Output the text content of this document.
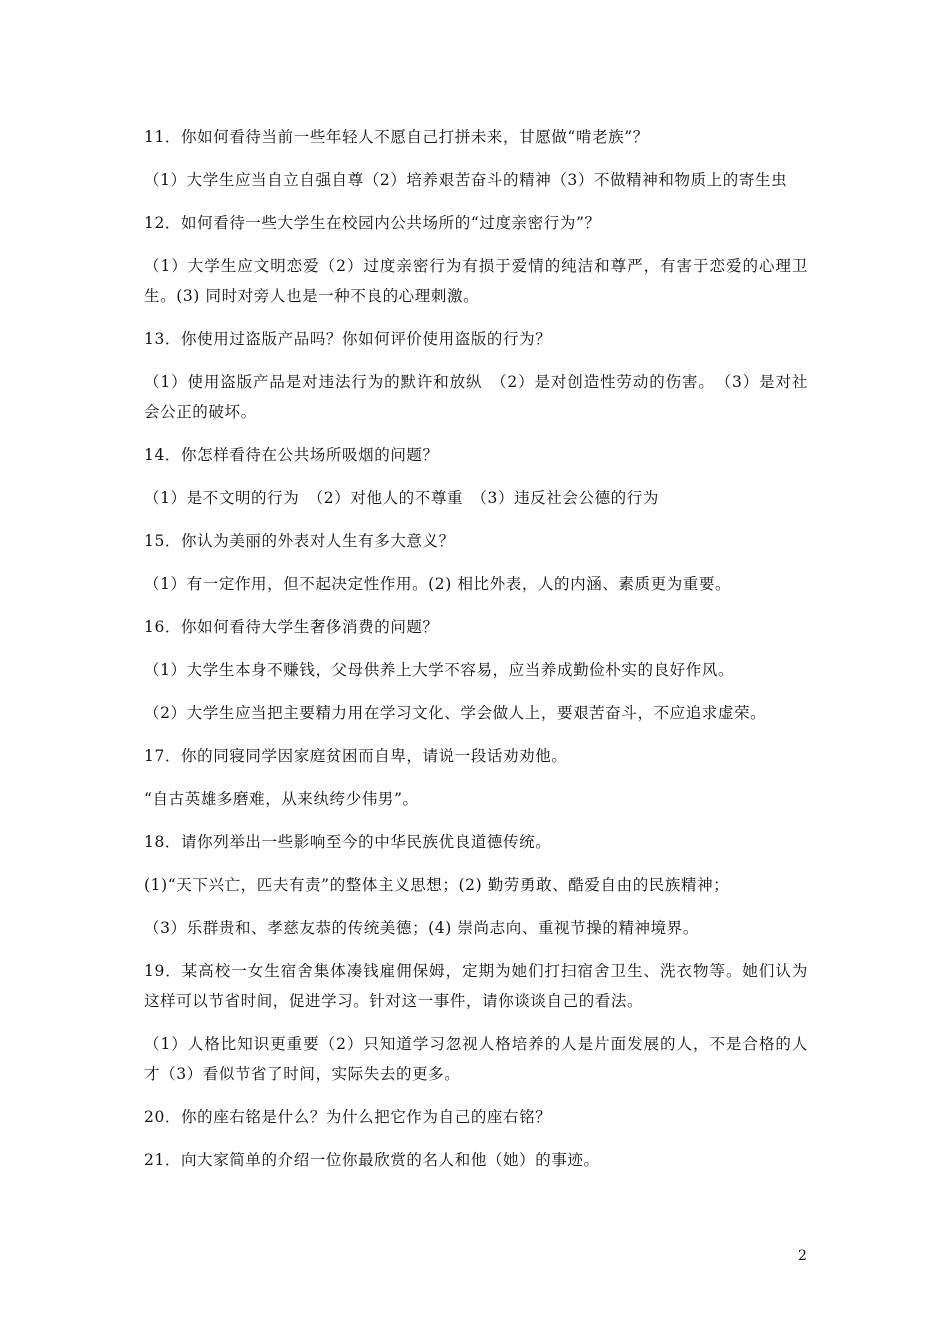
11．你如何看待当前一些年轻人不愿自己打拼未来，甘愿做“啃老族”？

（1）大学生应当自立自强自尊（2）培养艰苦奋斗的精神（3）不做精神和物质上的寄生虫

12．如何看待一些大学生在校园内公共场所的“过度亲密行为”？

（1）大学生应文明恋爱（2）过度亲密行为有损于爱情的纯洁和尊严，有害于恋爱的心理卫生。(3) 同时对旁人也是一种不良的心理刺激。

13．你使用过盗版产品吗？你如何评价使用盗版的行为？

（1）使用盗版产品是对违法行为的默许和放纵　（2）是对创造性劳动的伤害。　（3）是对社会公正的破坏。

14．你怎样看待在公共场所吸烟的问题？

（1）是不文明的行为　（2）对他人的不尊重　（3）违反社会公德的行为

15．你认为美丽的外表对人生有多大意义？

（1）有一定作用，但不起决定性作用。(2) 相比外表，人的内涵、素质更为重要。

16．你如何看待大学生奢侈消费的问题？

（1）大学生本身不赚钱，父母供养上大学不容易，应当养成勤俭朴实的良好作风。

（2）大学生应当把主要精力用在学习文化、学会做人上，要艰苦奋斗，不应追求虚荣。

17．你的同寝同学因家庭贫困而自卑，请说一段话劝劝他。

“自古英雄多磨难，从来纨绔少伟男”。

18．请你列举出一些影响至今的中华民族优良道德传统。

(1)“天下兴亡，匹夫有责”的整体主义思想；(2) 勤劳勇敢、酷爱自由的民族精神；

（3）乐群贵和、孝慈友恭的传统美德；(4) 崇尚志向、重视节操的精神境界。

19．某高校一女生宿舍集体凑钱雇佣保姆，定期为她们打扫宿舍卫生、洗衣物等。她们认为这样可以节省时间，促进学习。针对这一事件，请你谈谈自己的看法。

（1）人格比知识更重要（2）只知道学习忽视人格培养的人是片面发展的人，不是合格的人才（3）看似节省了时间，实际失去的更多。

20．你的座右铭是什么？为什么把它作为自己的座右铭？

21．向大家简单的介绍一位你最欣赏的名人和他（她）的事迹。

2
